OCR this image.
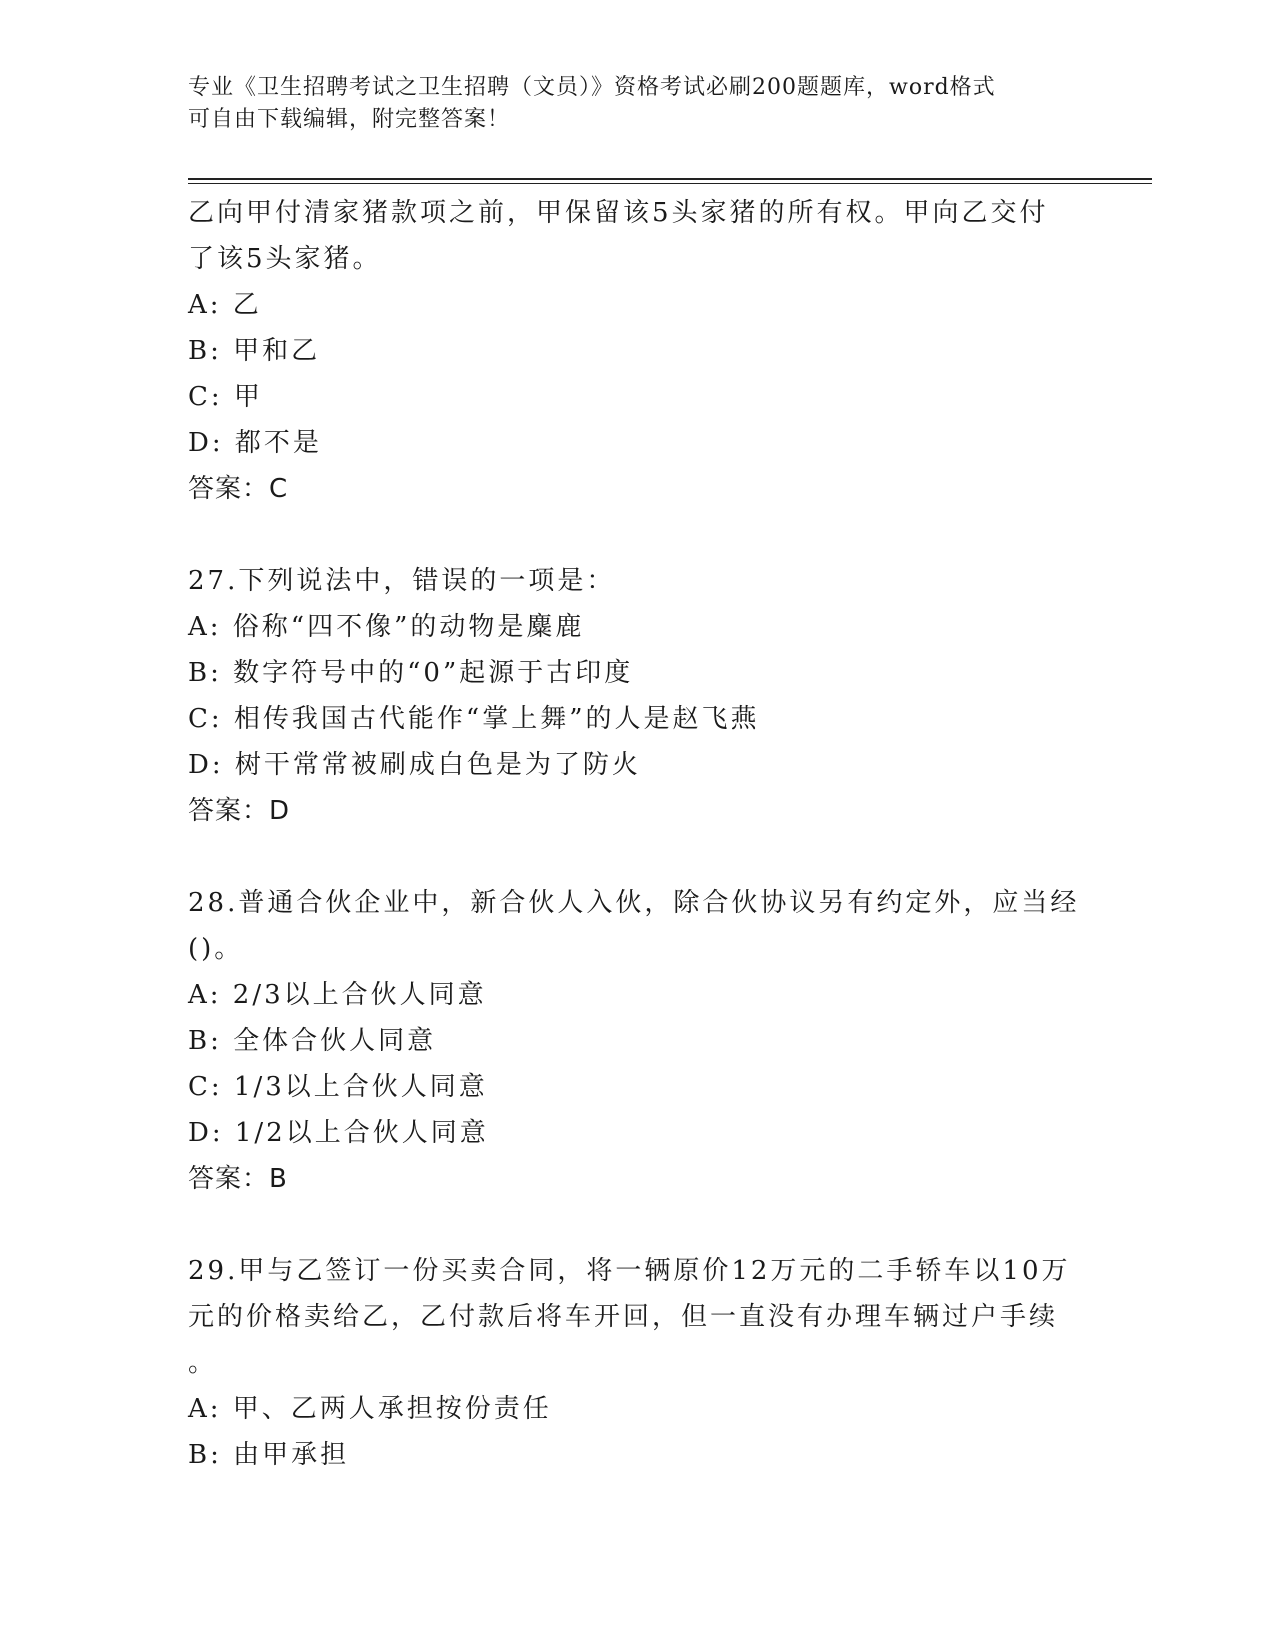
专业《卫生招聘考试之卫生招聘（文员）》资格考试必刷200题题库，word格式
可自由下载编辑，附完整答案！
乙向甲付清家猪款项之前，甲保留该5头家猪的所有权。甲向乙交付
了该5头家猪。
A: 乙
B: 甲和乙
C: 甲
D: 都不是
答案：C
27.下列说法中，错误的一项是：
A: 俗称“四不像”的动物是麋鹿
B: 数字符号中的“0”起源于古印度
C: 相传我国古代能作“掌上舞”的人是赵飞燕
D: 树干常常被刷成白色是为了防火
答案：D
28.普通合伙企业中，新合伙人入伙，除合伙协议另有约定外，应当经
()。
A: 2/3以上合伙人同意
B: 全体合伙人同意
C: 1/3以上合伙人同意
D: 1/2以上合伙人同意
答案：B
29.甲与乙签订一份买卖合同，将一辆原价12万元的二手轿车以10万
元的价格卖给乙，乙付款后将车开回，但一直没有办理车辆过户手续
。
A: 甲、乙两人承担按份责任
B: 由甲承担
